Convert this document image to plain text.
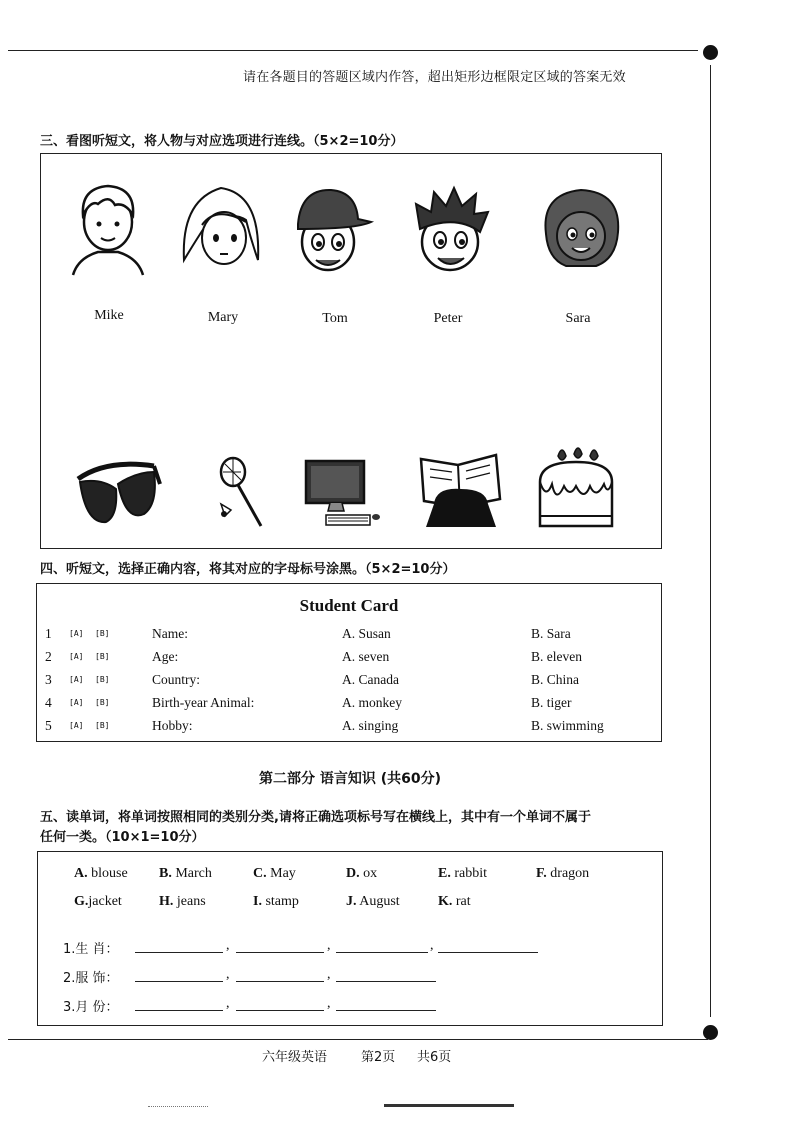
请在各题目的答题区域内作答，超出矩形边框限定区域的答案无效
三、看图听短文，将人物与对应选项进行连线。（5×2=10分）
Mike	Mary	Tom	Peter	Sara
四、听短文，选择正确内容，将其对应的字母标号涂黑。（5×2=10分）
Student Card
1 [A] [B]	Name:	A. Susan	B. Sara
2 [A] [B]	Age:	A. seven	B. eleven
3 [A] [B]	Country:	A. Canada	B. China
4 [A] [B]	Birth-year Animal:	A. monkey	B. tiger
5 [A] [B]	Hobby:	A. singing	B. swimming
第二部分 语言知识 (共60分)
五、读单词，将单词按照相同的类别分类,请将正确选项标号写在横线上，其中有一个单词不属于
任何一类。（10×1=10分）
A. blouse B. March	C. May	D. ox	E. rabbit	F. dragon
G.jacket	H. jeans	I. stamp	J. August	K. rat
1.生 肖：	,	,	,
2.服 饰：	,	,
3.月 份：	,	,
六年级英语	第2页 共6页
